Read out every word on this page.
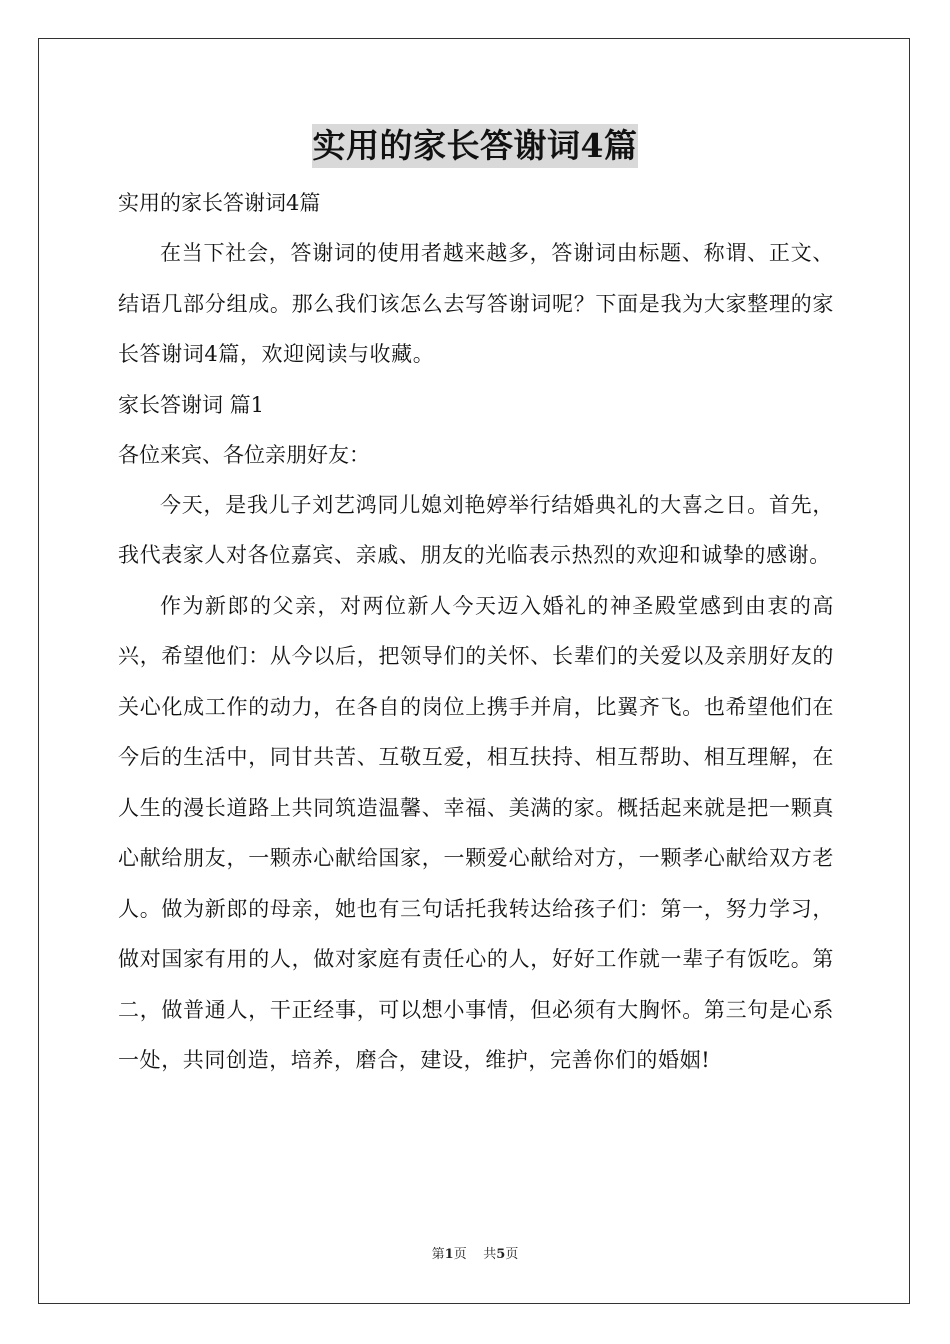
实用的家长答谢词4篇

实用的家长答谢词4篇

在当下社会，答谢词的使用者越来越多，答谢词由标题、称谓、正文、结语几部分组成。那么我们该怎么去写答谢词呢？下面是我为大家整理的家长答谢词4篇，欢迎阅读与收藏。

家长答谢词 篇1

各位来宾、各位亲朋好友：

今天，是我儿子刘艺鸿同儿媳刘艳婷举行结婚典礼的大喜之日。首先，我代表家人对各位嘉宾、亲戚、朋友的光临表示热烈的欢迎和诚挚的感谢。

作为新郎的父亲，对两位新人今天迈入婚礼的神圣殿堂感到由衷的高兴，希望他们：从今以后，把领导们的关怀、长辈们的关爱以及亲朋好友的关心化成工作的动力，在各自的岗位上携手并肩，比翼齐飞。也希望他们在今后的生活中，同甘共苦、互敬互爱，相互扶持、相互帮助、相互理解，在人生的漫长道路上共同筑造温馨、幸福、美满的家。概括起来就是把一颗真心献给朋友，一颗赤心献给国家，一颗爱心献给对方，一颗孝心献给双方老人。做为新郎的母亲，她也有三句话托我转达给孩子们：第一，努力学习，做对国家有用的人，做对家庭有责任心的人，好好工作就一辈子有饭吃。第二，做普通人，干正经事，可以想小事情，但必须有大胸怀。第三句是心系一处，共同创造，培养，磨合，建设，维护，完善你们的婚姻!

第1页 共5页
